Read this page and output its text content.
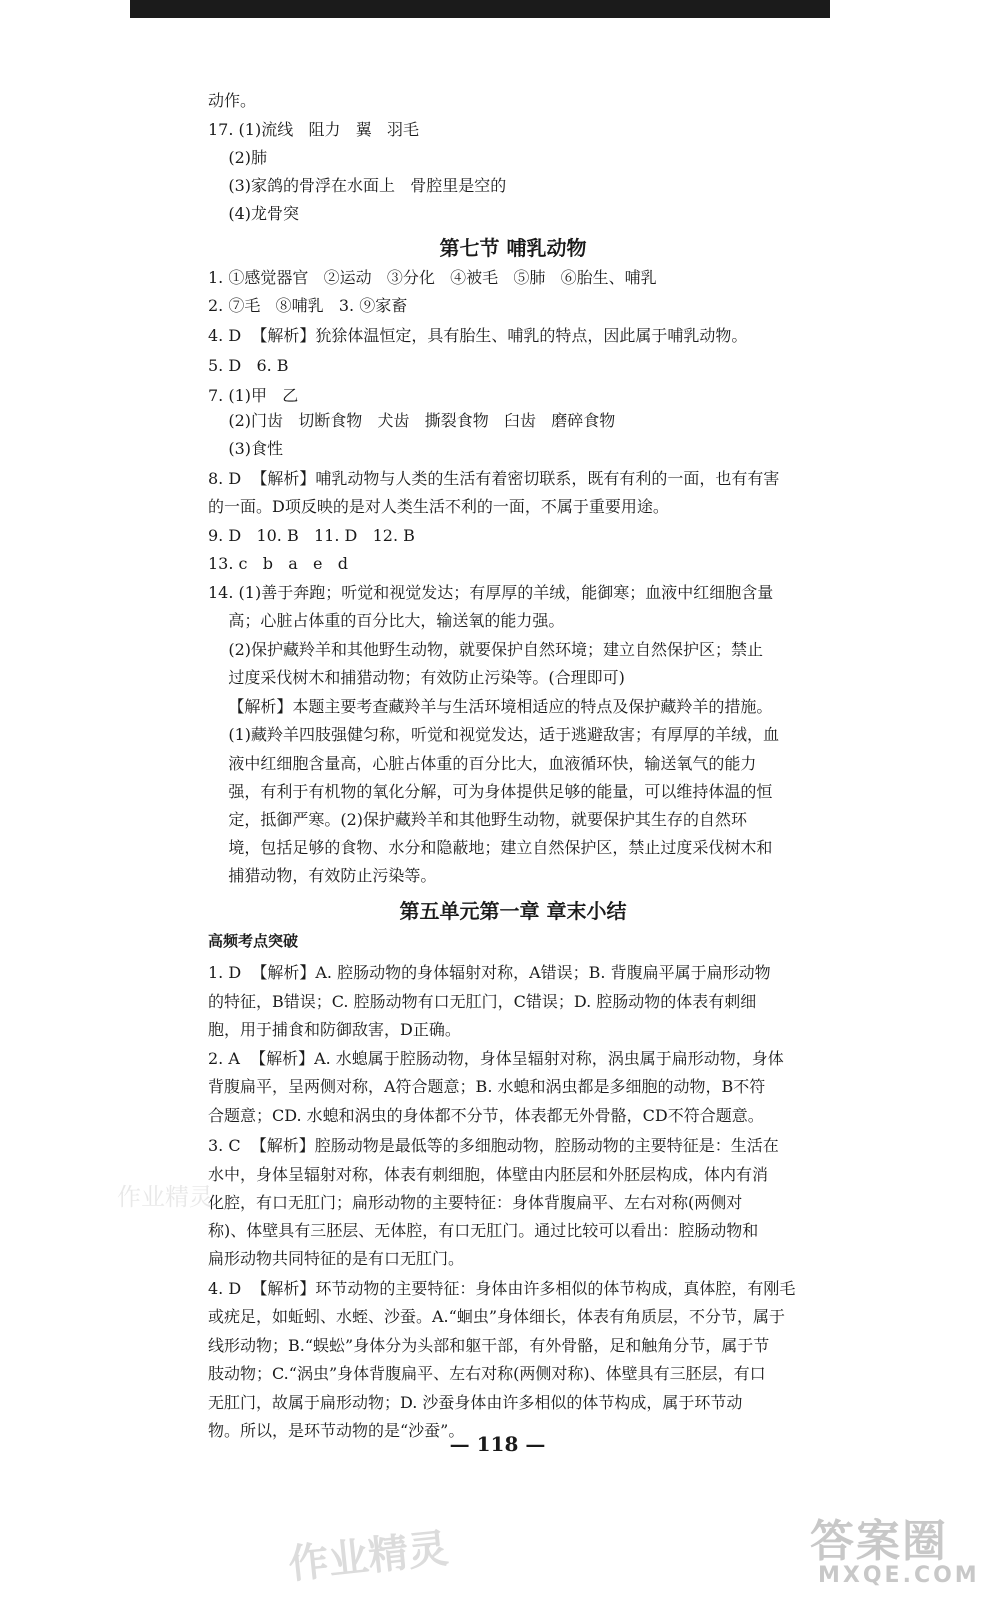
动作。
17. (1)流线   阻力   翼   羽毛
(2)肺
(3)家鸽的骨浮在水面上   骨腔里是空的
(4)龙骨突
第七节 哺乳动物
1. ①感觉器官   ②运动   ③分化   ④被毛   ⑤肺   ⑥胎生、哺乳
2. ⑦毛   ⑧哺乳   3. ⑨家畜
4. D  【解析】狁狳体温恒定，具有胎生、哺乳的特点，因此属于哺乳动物。
5. D   6. B
7. (1)甲   乙
(2)门齿   切断食物   犬齿   撕裂食物   臼齿   磨碎食物
(3)食性
8. D  【解析】哺乳动物与人类的生活有着密切联系，既有有利的一面，也有有害
的一面。D项反映的是对人类生活不利的一面，不属于重要用途。
9. D   10. B   11. D   12. B
13. c   b   a   e   d
14. (1)善于奔跑；听觉和视觉发达；有厚厚的羊绒，能御寒；血液中红细胞含量
高；心脏占体重的百分比大，输送氧的能力强。
(2)保护藏羚羊和其他野生动物，就要保护自然环境；建立自然保护区；禁止
过度采伐树木和捕猎动物；有效防止污染等。(合理即可)
【解析】本题主要考查藏羚羊与生活环境相适应的特点及保护藏羚羊的措施。
(1)藏羚羊四肢强健匀称，听觉和视觉发达，适于逃避敌害；有厚厚的羊绒，血
液中红细胞含量高，心脏占体重的百分比大，血液循环快，输送氧气的能力
强，有利于有机物的氧化分解，可为身体提供足够的能量，可以维持体温的恒
定，抵御严寒。(2)保护藏羚羊和其他野生动物，就要保护其生存的自然环
境，包括足够的食物、水分和隐蔽地；建立自然保护区，禁止过度采伐树木和
捕猎动物，有效防止污染等。
第五单元第一章 章末小结
高频考点突破
1. D  【解析】A. 腔肠动物的身体辐射对称，A错误；B. 背腹扁平属于扁形动物
的特征，B错误；C. 腔肠动物有口无肛门，C错误；D. 腔肠动物的体表有刺细
胞，用于捕食和防御敌害，D正确。
2. A  【解析】A. 水螅属于腔肠动物，身体呈辐射对称，涡虫属于扁形动物，身体
背腹扁平，呈两侧对称，A符合题意；B. 水螅和涡虫都是多细胞的动物，B不符
合题意；CD. 水螅和涡虫的身体都不分节，体表都无外骨骼，CD不符合题意。
3. C  【解析】腔肠动物是最低等的多细胞动物，腔肠动物的主要特征是：生活在
水中，身体呈辐射对称，体表有刺细胞，体壁由内胚层和外胚层构成，体内有消
化腔，有口无肛门；扁形动物的主要特征：身体背腹扁平、左右对称(两侧对
称)、体壁具有三胚层、无体腔，有口无肛门。通过比较可以看出：腔肠动物和
扁形动物共同特征的是有口无肛门。
4. D  【解析】环节动物的主要特征：身体由许多相似的体节构成，真体腔，有刚毛
或疣足，如蚯蚓、水蛭、沙蚕。A.“蛔虫”身体细长，体表有角质层，不分节，属于
线形动物；B.“蜈蚣”身体分为头部和躯干部，有外骨骼，足和触角分节，属于节
肢动物；C.“涡虫”身体背腹扁平、左右对称(两侧对称)、体壁具有三胚层，有口
无肛门，故属于扁形动物；D. 沙蚕身体由许多相似的体节构成，属于环节动
物。所以，是环节动物的是“沙蚕”。
作业精灵
— 118 —
作业精灵	答案圈
MXQE.COM
